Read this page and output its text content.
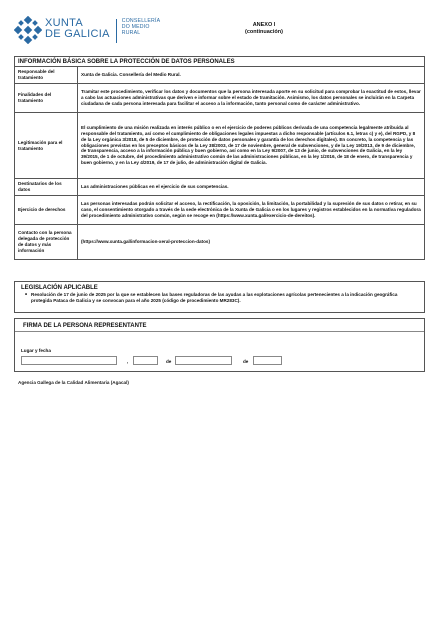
XUNTA
DE GALICIA
CONSELLERÍA
DO MEDIO
RURAL
ANEXO I
(continuación)
INFORMACIÓN BÁSICA SOBRE LA PROTECCIÓN DE DATOS PERSONALES
Responsable del tratamiento
Xunta de Galicia. Consellería del Medio Rural.
Finalidades del tratamiento
Tramitar este procedimiento, verificar los datos y documentos que la persona interesada aporte en su solicitud para comprobar la exactitud de estos, llevar a cabo las actuaciones administrativas que deriven e informar sobre el estado de tramitación. Asimismo, los datos personales se incluirán en la Carpeta ciudadana de cada persona interesada para facilitar el acceso a la información, tanto personal como de carácter administrativo.
Legitimación para el tratamiento
El cumplimiento de una misión realizada en interés público o en el ejercicio de poderes públicos derivada de una competencia legalmente atribuida al responsable del tratamiento, así como el cumplimiento de obligaciones legales impuestas a dicho responsable (artículos 6.1, letras c) y e), del RGPD, y 8 de la Ley orgánica 3/2018, de 5 de diciembre, de protección de datos personales y garantía de los derechos digitales). En concreto, la competencia y las obligaciones previstas en los preceptos básicos de la Ley 38/2003, de 17 de noviembre, general de subvenciones, y de la Ley 19/2013, de 9 de diciembre, de transparencia, acceso a la información pública y buen gobierno, así como en la Ley 9/2007, de 13 de junio, de subvenciones de Galicia, en la ley 39/2015, de 1 de octubre, del procedimiento administrativo común de las administraciones públicas, en la ley 1/2016, de 18 de enero, de transparencia y buen gobierno, y en la Ley 4/2019, de 17 de julio, de administración digital de Galicia.
Destinatarios de los datos
Las administraciones públicas en el ejercicio de sus competencias.
Ejercicio de derechos
Las personas interesadas podrán solicitar el acceso, la rectificación, la oposición, la limitación, la portabilidad y la supresión de sus datos o retirar, en su caso, el consentimiento otorgado a través de la sede electrónica de la Xunta de Galicia o en los lugares y registros establecidos en la normativa reguladora del procedimiento administrativo común, según se recoge en (https://www.xunta.gal/exercicio-de-dereitos).
Contacto con la persona delegada de protección de datos y más información
(https://www.xunta.gal/informacion-xeral-proteccion-datos)
LEGISLACIÓN APLICABLE
• Resolución de 17 de junio de 2025 por la que se establecen las bases reguladoras de las ayudas a las explotaciones agrícolas pertenecientes a la indicación geográfica protegida Pataca de Galicia y se convocan para el año 2025 (código de procedimiento MR283C).
FIRMA DE LA PERSONA REPRESENTANTE
Lugar y fecha
,	de	de
Agencia Gallega de la Calidad Alimentaria (Agacal)
